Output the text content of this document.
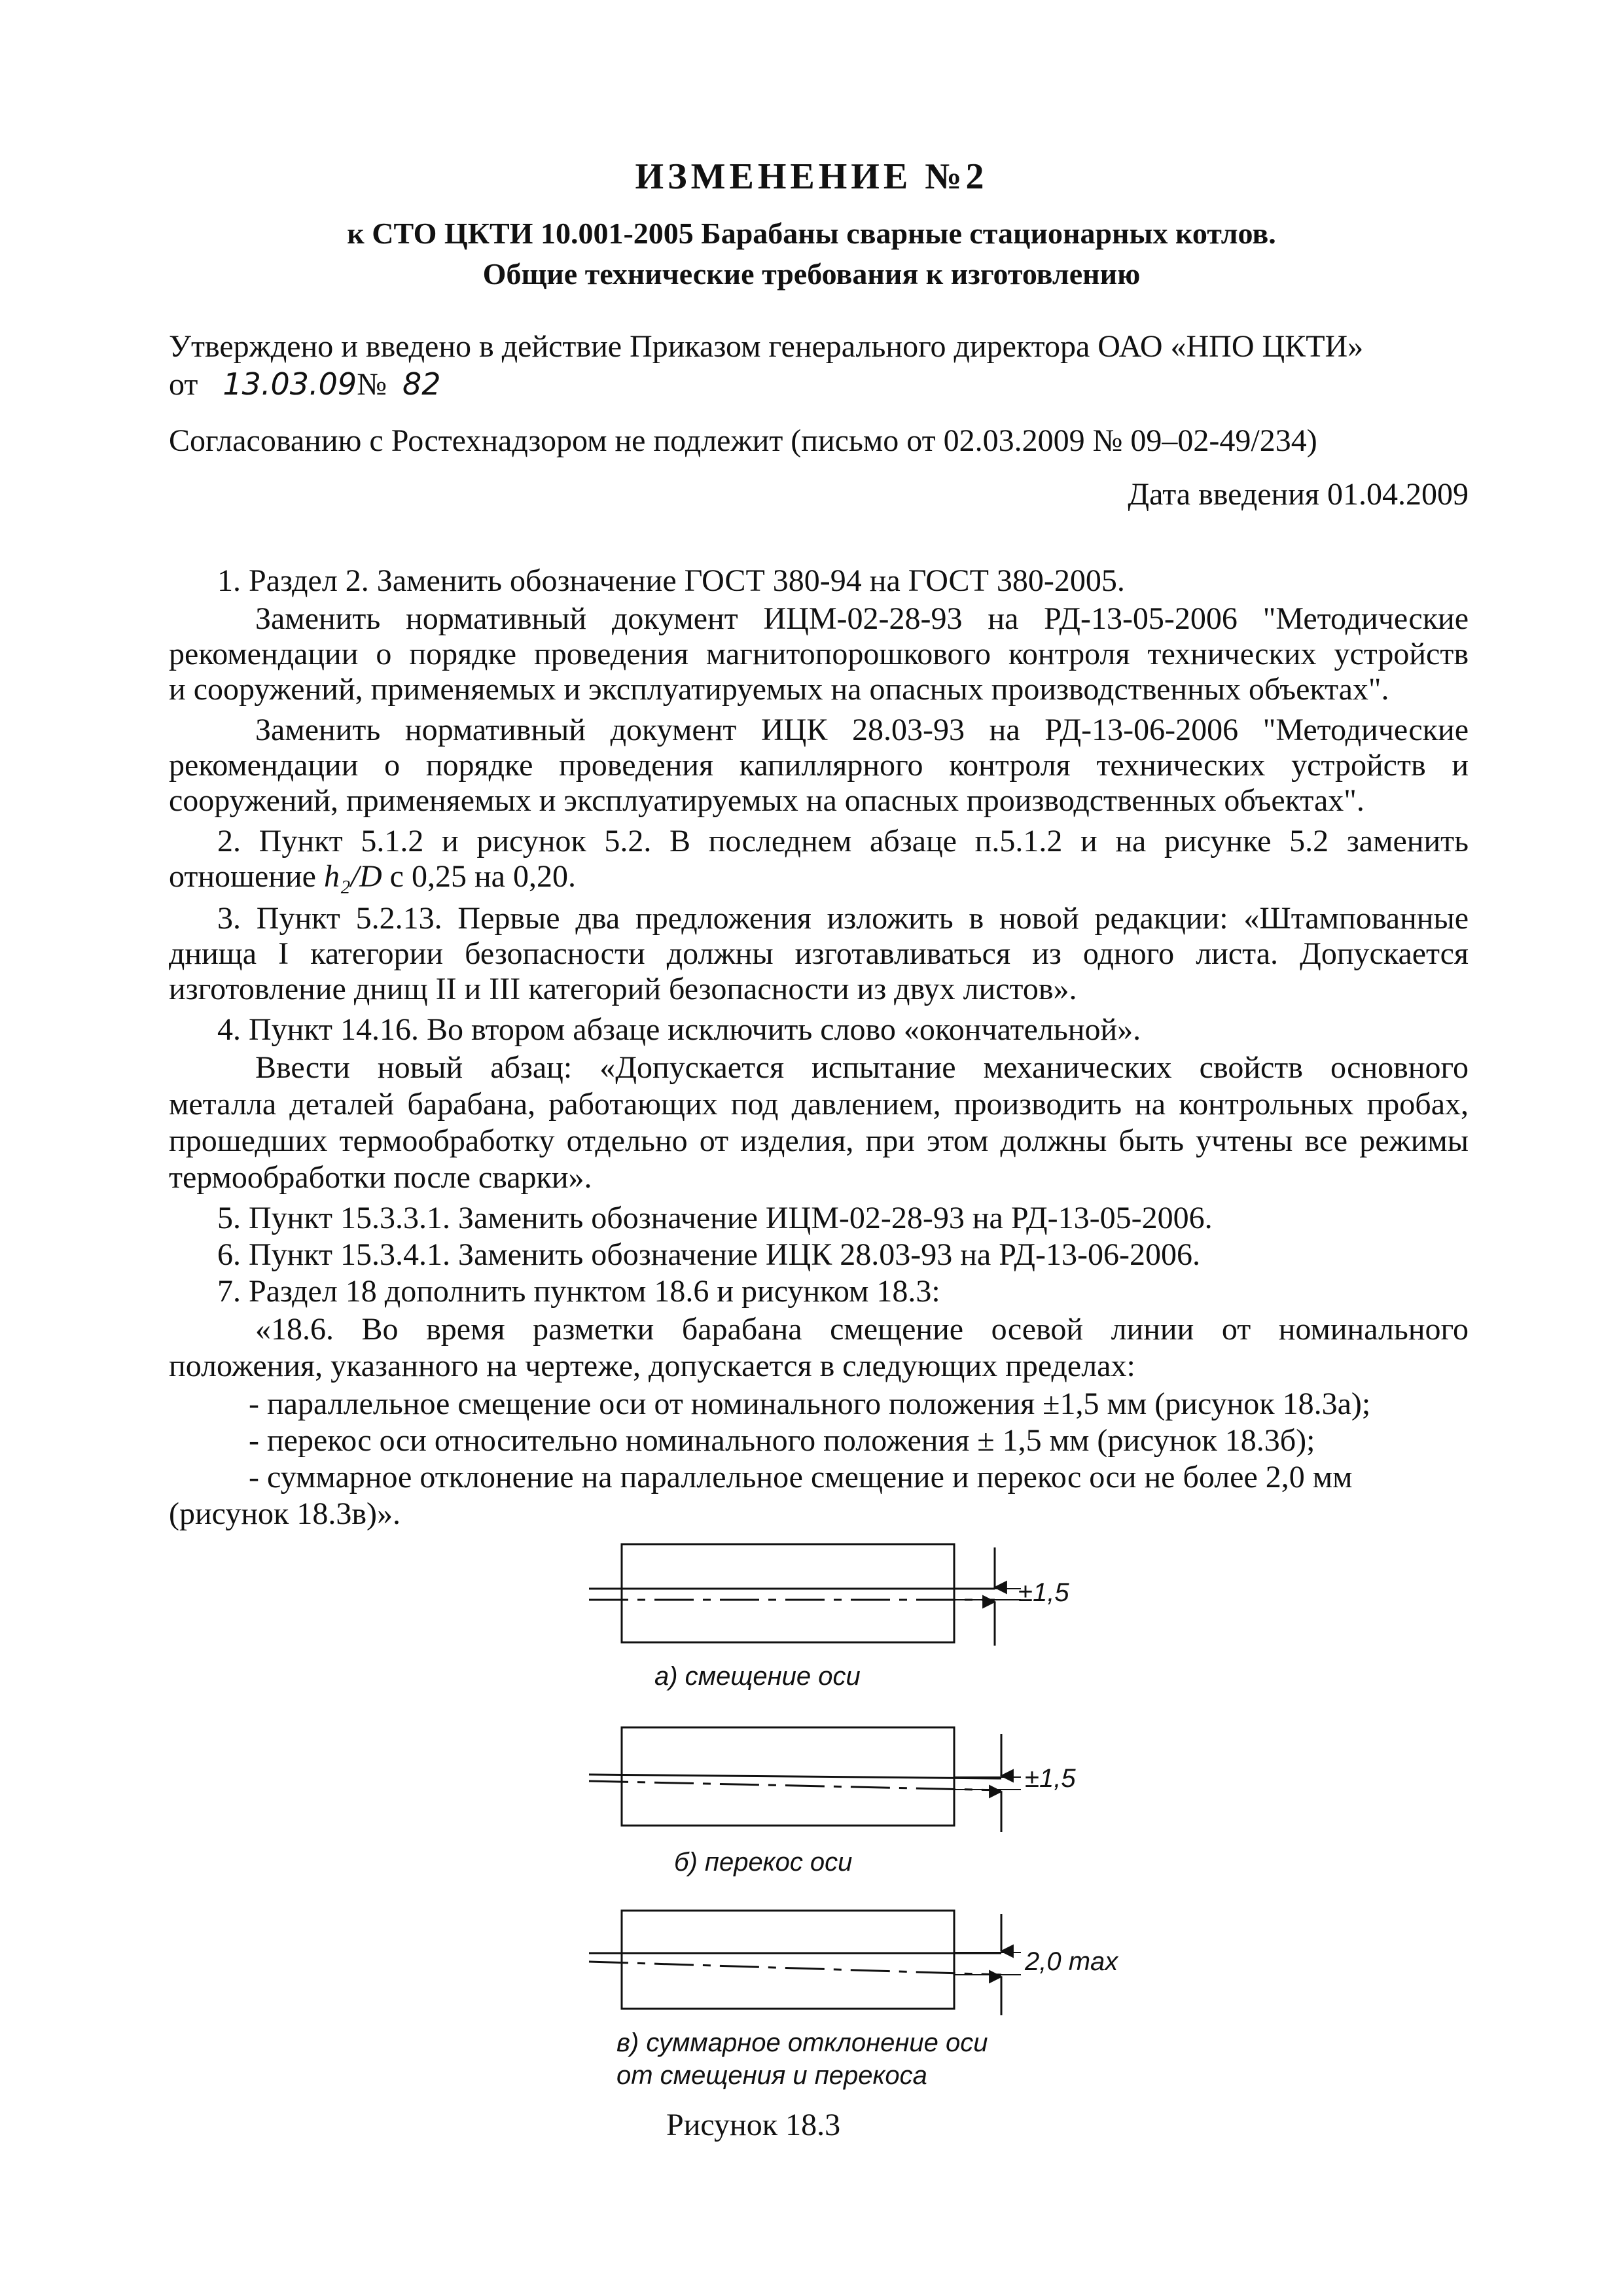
ИЗМЕНЕНИЕ №2
к СТО ЦКТИ 10.001-2005 Барабаны сварные стационарных котлов.
Общие технические требования к изготовлению
Утверждено и введено в действие Приказом генерального директора ОАО «НПО ЦКТИ»
от 13.03.09№ 82
Согласованию с Ростехнадзором не подлежит (письмо от 02.03.2009 № 09–02-49/234)
Дата введения 01.04.2009
1. Раздел 2. Заменить обозначение ГОСТ 380-94 на ГОСТ 380-2005.
Заменить нормативный документ ИЦМ-02-28-93 на РД-13-05-2006 "Методические
рекомендации о порядке проведения магнитопорошкового контроля технических устройств
и сооружений, применяемых и эксплуатируемых на опасных производственных объектах".
Заменить нормативный документ ИЦК 28.03-93 на РД-13-06-2006 "Методические
рекомендации о порядке проведения капиллярного контроля технических устройств и
сооружений, применяемых и эксплуатируемых на опасных производственных объектах".
2. Пункт 5.1.2 и рисунок 5.2. В последнем абзаце п.5.1.2 и на рисунке 5.2 заменить
отношение h₂/D с 0,25 на 0,20.
3. Пункт 5.2.13. Первые два предложения изложить в новой редакции: «Штампованные
днища I категории безопасности должны изготавливаться из одного листа. Допускается
изготовление днищ II и III категорий безопасности из двух листов».
4. Пункт 14.16. Во втором абзаце исключить слово «окончательной».
Ввести новый абзац: «Допускается испытание механических свойств основного
металла деталей барабана, работающих под давлением, производить на контрольных пробах,
прошедших термообработку отдельно от изделия, при этом должны быть учтены все режимы
термообработки после сварки».
5. Пункт 15.3.3.1. Заменить обозначение ИЦМ-02-28-93 на РД-13-05-2006.
6. Пункт 15.3.4.1. Заменить обозначение ИЦК 28.03-93 на РД-13-06-2006.
7. Раздел 18 дополнить пунктом 18.6 и рисунком 18.3:
«18.6. Во время разметки барабана смещение осевой линии от номинального
положения, указанного на чертеже, допускается в следующих пределах:
- параллельное смещение оси от номинального положения ±1,5 мм (рисунок 18.3а);
- перекос оси относительно номинального положения ± 1,5 мм (рисунок 18.3б);
- суммарное отклонение на параллельное смещение и перекос оси не более 2,0 мм
(рисунок 18.3в)».
±1,5
а) смещение оси
±1,5
б) перекос оси
2,0 max
в) суммарное отклонение оси
от смещения и перекоса
Рисунок 18.3
